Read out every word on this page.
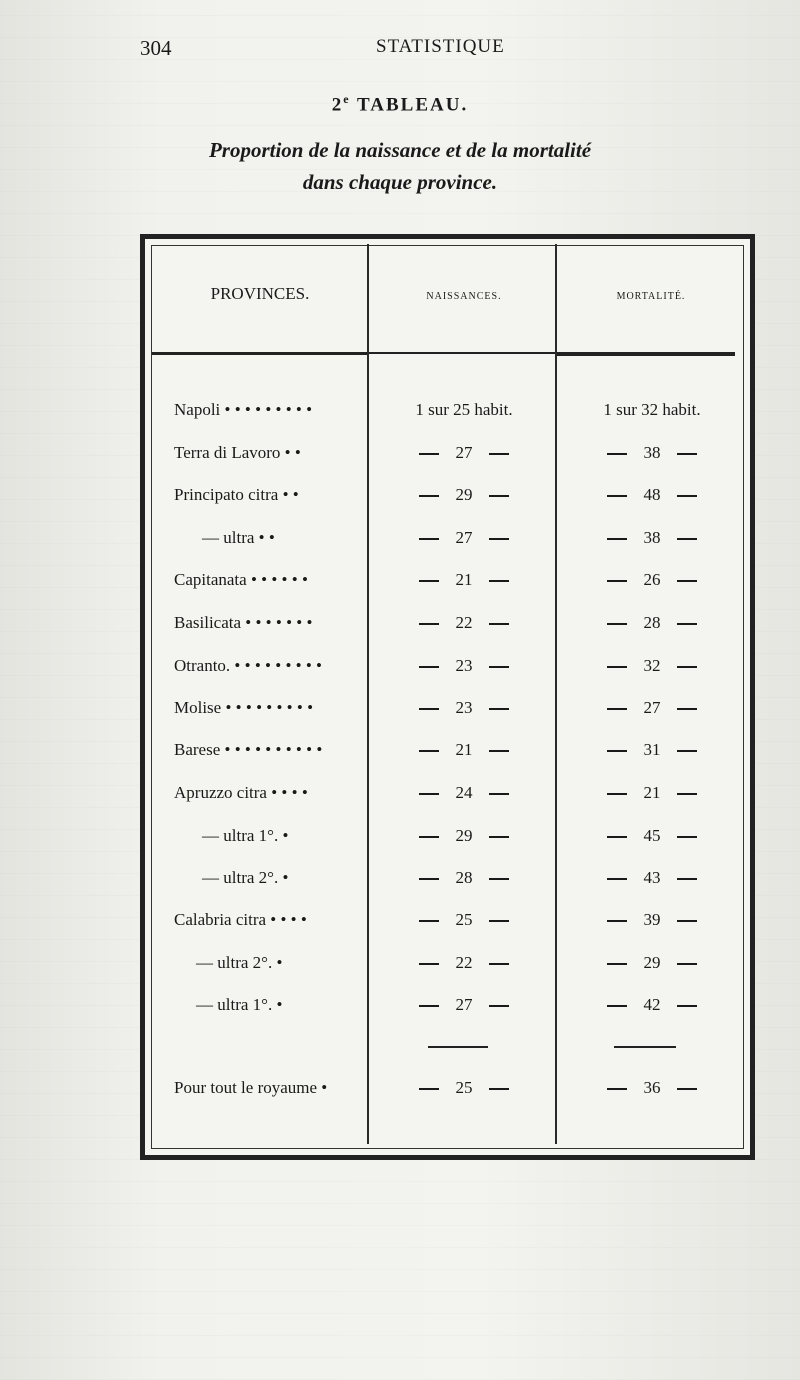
304	STATISTIQUE
2e TABLEAU.
Proportion de la naissance et de la mortalité
dans chaque province.
PROVINCES.	NAISSANCES.	MORTALITÉ.
Napoli • • • • • • • • •	1 sur 25 habit.	1 sur 32 habit.
Terra di Lavoro • •	27	38
Principato citra • •	29	48
— ultra • •	27	38
Capitanata • • • • • •	21	26
Basilicata • • • • • • •	22	28
Otranto. • • • • • • • • •	23	32
Molise • • • • • • • • •	23	27
Barese • • • • • • • • • •	21	31
Apruzzo citra • • • •	24	21
— ultra 1°. •	29	45
— ultra 2°. •	28	43
Calabria citra • • • •	25	39
— ultra 2°. •	22	29
— ultra 1°. •	27	42
Pour tout le royaume •	25	36
